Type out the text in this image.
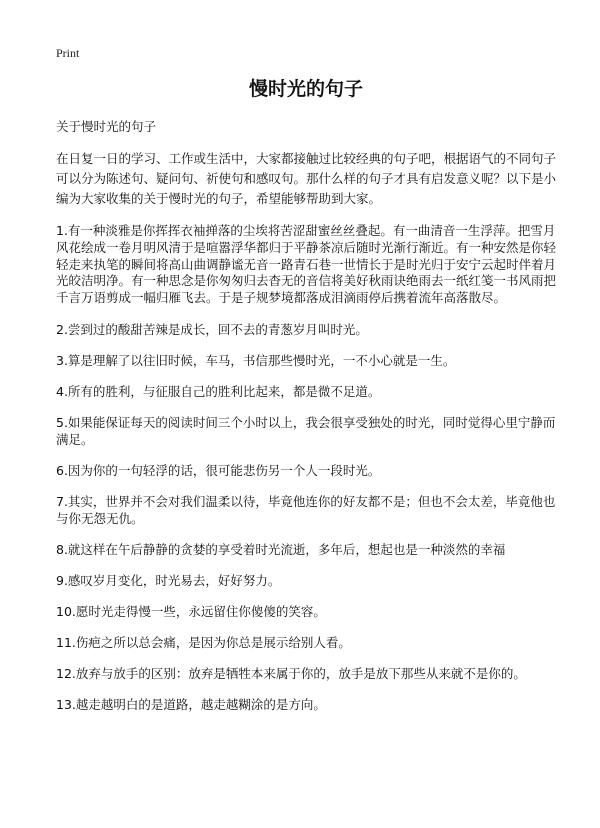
Print
慢时光的句子
关于慢时光的句子
在日复一日的学习、工作或生活中，大家都接触过比较经典的句子吧，根据语气的不同句子可以分为陈述句、疑问句、祈使句和感叹句。那什么样的句子才具有启发意义呢？以下是小编为大家收集的关于慢时光的句子，希望能够帮助到大家。

1.有一种淡雅是你挥挥衣袖掸落的尘埃将苦涩甜蜜丝丝叠起。有一曲清音一生浮萍。把雪月风花绘成一卷月明风清于是喧嚣浮华都归于平静茶凉后随时光渐行渐近。有一种安然是你轻轻走来执笔的瞬间将高山曲调静谧无音一路青石巷一世情长于是时光归于安宁云起时伴着月光皎洁明净。有一种思念是你匆匆归去杳无的音信将美好秋雨诀绝雨去一纸红笺一书风雨把千言万语剪成一幅归雁飞去。于是子规梦境都落成泪滴雨停后携着流年高落散尽。

2.尝到过的酸甜苦辣是成长，回不去的青葱岁月叫时光。

3.算是理解了以往旧时候，车马，书信那些慢时光，一不小心就是一生。

4.所有的胜利，与征服自己的胜利比起来，都是微不足道。

5.如果能保证每天的阅读时间三个小时以上，我会很享受独处的时光，同时觉得心里宁静而满足。

6.因为你的一句轻浮的话，很可能悲伤另一个人一段时光。

7.其实，世界并不会对我们温柔以待，毕竟他连你的好友都不是；但也不会太差，毕竟他也与你无怨无仇。

8.就这样在午后静静的贪婪的享受着时光流逝，多年后，想起也是一种淡然的幸福

9.感叹岁月变化，时光易去，好好努力。

10.愿时光走得慢一些，永远留住你傻傻的笑容。

11.伤疤之所以总会痛，是因为你总是展示给别人看。

12.放弃与放手的区别：放弃是牺牲本来属于你的，放手是放下那些从来就不是你的。

13.越走越明白的是道路，越走越糊涂的是方向。
